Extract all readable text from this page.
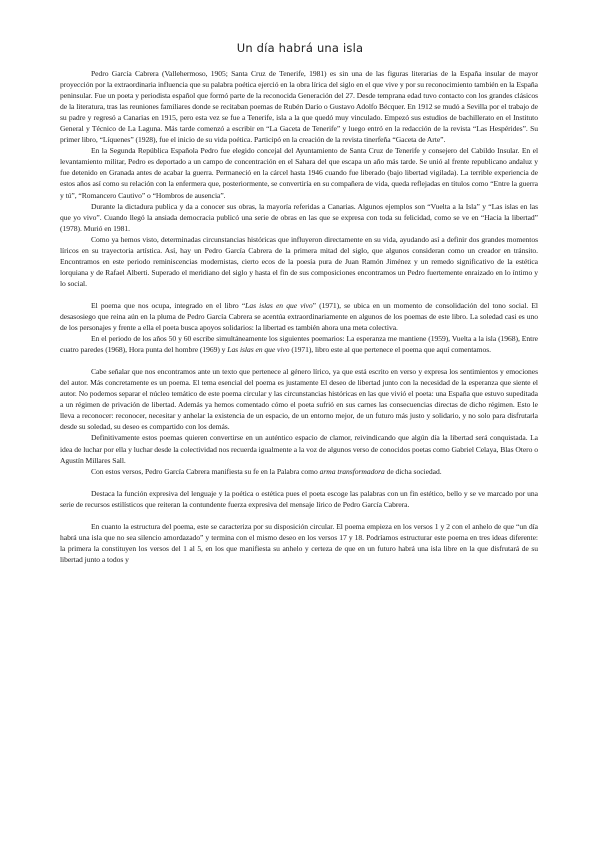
Un día habrá una isla

Pedro García Cabrera (Vallehermoso, 1905; Santa Cruz de Tenerife, 1981) es sin una de las figuras literarias de la España insular de mayor proyección por la extraordinaria influencia que su palabra poética ejerció en la obra lírica del siglo en el que vive y por su reconocimiento también en la España peninsular. Fue un poeta y periodista español que formó parte de la reconocida Generación del 27. Desde temprana edad tuvo contacto con los grandes clásicos de la literatura, tras las reuniones familiares donde se recitaban poemas de Rubén Darío o Gustavo Adolfo Bécquer. En 1912 se mudó a Sevilla por el trabajo de su padre y regresó a Canarias en 1915, pero esta vez se fue a Tenerife, isla a la que quedó muy vinculado. Empezó sus estudios de bachillerato en el Instituto General y Técnico de La Laguna. Más tarde comenzó a escribir en “La Gaceta de Tenerife” y luego entró en la redacción de la revista “Las Hespérides”. Su primer libro, “Líquenes” (1928), fue el inicio de su vida poética. Participó en la creación de la revista tinerfeña “Gaceta de Arte”.

En la Segunda República Española Pedro fue elegido concejal del Ayuntamiento de Santa Cruz de Tenerife y consejero del Cabildo Insular. En el levantamiento militar, Pedro es deportado a un campo de concentración en el Sahara del que escapa un año más tarde. Se unió al frente republicano andaluz y fue detenido en Granada antes de acabar la guerra. Permaneció en la cárcel hasta 1946 cuando fue liberado (bajo libertad vigilada). La terrible experiencia de estos años así como su relación con la enfermera que, posteriormente, se convertiría en su compañera de vida, queda reflejadas en títulos como “Entre la guerra y tú”, “Romancero Cautivo” o “Hombros de ausencia”.

Durante la dictadura publica y da a conocer sus obras, la mayoría referidas a Canarias. Algunos ejemplos son “Vuelta a la Isla” y “Las islas en las que yo vivo”. Cuando llegó la ansiada democracia publicó una serie de obras en las que se expresa con toda su felicidad, como se ve en “Hacia la libertad” (1978). Murió en 1981.

Como ya hemos visto, determinadas circunstancias históricas que influyeron directamente en su vida, ayudando así a definir dos grandes momentos líricos en su trayectoria artística. Así, hay un Pedro García Cabrera de la primera mitad del siglo, que algunos consideran como un creador en tránsito. Encontramos en este periodo reminiscencias modernistas, cierto ecos de la poesía pura de Juan Ramón Jiménez y un remedo significativo de la estética lorquiana y de Rafael Alberti. Superado el meridiano del siglo y hasta el fin de sus composiciones encontramos un Pedro fuertemente enraizado en lo íntimo y lo social.

El poema que nos ocupa, integrado en el libro “Las islas en que vivo” (1971), se ubica en un momento de consolidación del tono social. El desasosiego que reina aún en la pluma de Pedro García Cabrera se acentúa extraordinariamente en algunos de los poemas de este libro. La soledad casi es uno de los personajes y frente a ella el poeta busca apoyos solidarios: la libertad es también ahora una meta colectiva.

En el periodo de los años 50 y 60 escribe simultáneamente los siguientes poemarios: La esperanza me mantiene (1959), Vuelta a la isla (1968), Entre cuatro paredes (1968), Hora punta del hombre (1969) y Las islas en que vivo (1971), libro este al que pertenece el poema que aquí comentamos.

Cabe señalar que nos encontramos ante un texto que pertenece al género lírico, ya que está escrito en verso y expresa los sentimientos y emociones del autor. Más concretamente es un poema. El tema esencial del poema es justamente El deseo de libertad junto con la necesidad de la esperanza que siente el autor. No podemos separar el núcleo temático de este poema circular y las circunstancias históricas en las que vivió el poeta: una España que estuvo supeditada a un régimen de privación de libertad. Además ya hemos comentado cómo el poeta sufrió en sus carnes las consecuencias directas de dicho régimen. Esto le lleva a reconocer: reconocer, necesitar y anhelar la existencia de un espacio, de un entorno mejor, de un futuro más justo y solidario, y no solo para disfrutarla desde su soledad, su deseo es compartido con los demás.

Definitivamente estos poemas quieren convertirse en un auténtico espacio de clamor, reivindicando que algún día la libertad será conquistada. La idea de luchar por ella y luchar desde la colectividad nos recuerda igualmente a la voz de algunos verso de conocidos poetas como Gabriel Celaya, Blas Otero o Agustín Millares Sall.

Con estos versos, Pedro García Cabrera manifiesta su fe en la Palabra como arma transformadora de dicha sociedad.

Destaca la función expresiva del lenguaje y la poética o estética pues el poeta escoge las palabras con un fin estético, bello y se ve marcado por una serie de recursos estilísticos que reiteran la contundente fuerza expresiva del mensaje lírico de Pedro García Cabrera.

En cuanto la estructura del poema, este se caracteriza por su disposición circular. El poema empieza en los versos 1 y 2 con el anhelo de que “un día habrá una isla que no sea silencio amordazado” y termina con el mismo deseo en los versos 17 y 18. Podríamos estructurar este poema en tres ideas diferente: la primera la constituyen los versos del 1 al 5, en los que manifiesta su anhelo y certeza de que en un futuro habrá una isla libre en la que disfrutará de su libertad junto a todos y
